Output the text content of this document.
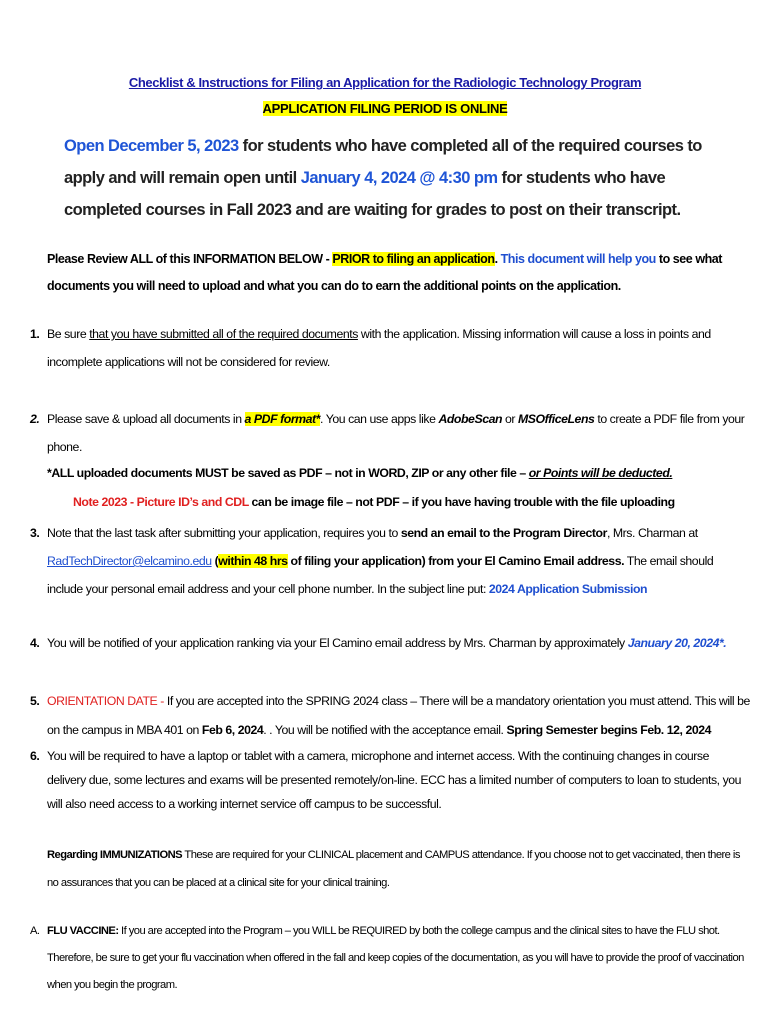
Checklist & Instructions for Filing an Application for the Radiologic Technology Program
APPLICATION FILING PERIOD IS ONLINE
Open December 5, 2023 for students who have completed all of the required courses to apply and will remain open until January 4, 2024 @ 4:30 pm for students who have completed courses in Fall 2023 and are waiting for grades to post on their transcript.
Please Review ALL of this INFORMATION BELOW - PRIOR to filing an application. This document will help you to see what documents you will need to upload and what you can do to earn the additional points on the application.
1. Be sure that you have submitted all of the required documents with the application. Missing information will cause a loss in points and incomplete applications will not be considered for review.
2. Please save & upload all documents in a PDF format*. You can use apps like AdobeScan or MSOfficeLens to create a PDF file from your phone.
*ALL uploaded documents MUST be saved as PDF – not in WORD, ZIP or any other file – or Points will be deducted.
Note 2023 - Picture ID’s and CDL can be image file – not PDF – if you have having trouble with the file uploading
3. Note that the last task after submitting your application, requires you to send an email to the Program Director, Mrs. Charman at RadTechDirector@elcamino.edu (within 48 hrs of filing your application) from your El Camino Email address. The email should include your personal email address and your cell phone number. In the subject line put: 2024 Application Submission
4. You will be notified of your application ranking via your El Camino email address by Mrs. Charman by approximately January 20, 2024*.
5. ORIENTATION DATE - If you are accepted into the SPRING 2024 class – There will be a mandatory orientation you must attend. This will be on the campus in MBA 401 on Feb 6, 2024. . You will be notified with the acceptance email. Spring Semester begins Feb. 12, 2024
6. You will be required to have a laptop or tablet with a camera, microphone and internet access. With the continuing changes in course delivery due, some lectures and exams will be presented remotely/on-line. ECC has a limited number of computers to loan to students, you will also need access to a working internet service off campus to be successful.
Regarding IMMUNIZATIONS These are required for your CLINICAL placement and CAMPUS attendance. If you choose not to get vaccinated, then there is no assurances that you can be placed at a clinical site for your clinical training.
A. FLU VACCINE: If you are accepted into the Program – you WILL be REQUIRED by both the college campus and the clinical sites to have the FLU shot. Therefore, be sure to get your flu vaccination when offered in the fall and keep copies of the documentation, as you will have to provide the proof of vaccination when you begin the program.
